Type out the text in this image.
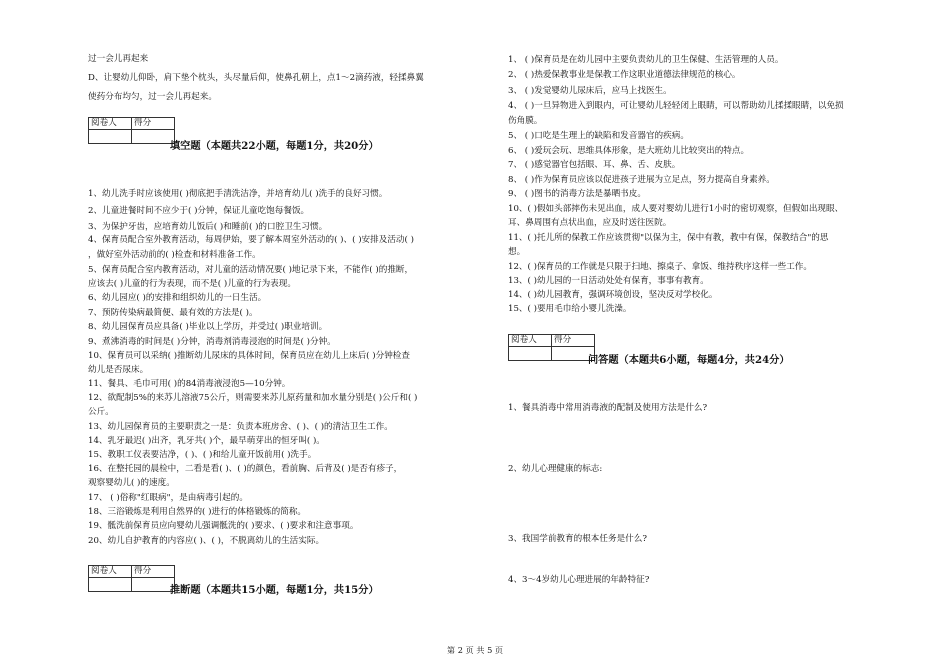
过一会儿再起来
D、让婴幼儿仰卧，肩下垫个枕头，头尽量后仰，使鼻孔朝上，点1～2滴药液，轻揉鼻翼
使药分布均匀，过一会儿再起来。
阅卷人	得分

填空题（本题共22小题，每题1分，共20分）
1、幼儿洗手时应该使用( )彻底把手清洗洁净，并培育幼儿( )洗手的良好习惯。
2、儿童进餐时间不应少于( )分钟，保证儿童吃饱每餐饭。
3、为保护牙齿，应培育幼儿饭后( )和睡前( )的口腔卫生习惯。
4、保育员配合室外教育活动，每周伊始，要了解本周室外活动的( )、( )安排及活动( )
，做好室外活动前的( )检查和材料准备工作。
5、保育员配合室内教育活动，对儿童的活动情况要( )地记录下来，不能作( )的推断，
应该去( )儿童的行为表现，而不是( )儿童的行为表现。
6、幼儿园应( )的安排和组织幼儿的一日生活。
7、预防传染病最简便、最有效的方法是( )。
8、幼儿园保育员应具备( )毕业以上学历，并受过( )职业培训。
9、煮沸消毒的时间是( )分钟，消毒剂消毒浸泡的时间是( )分钟。
10、保育员可以采纳( )推断幼儿尿床的具体时间，保育员应在幼儿上床后( )分钟检查
幼儿是否尿床。
11、餐具、毛巾可用( )的84消毒液浸泡5—10分钟。
12、欲配制5%的来苏儿溶液75公斤，则需要来苏儿原药量和加水量分别是( )公斤和( )
公斤。
13、幼儿园保育员的主要职责之一是：负责本班房舍、( )、( )的清洁卫生工作。
14、乳牙最迟( )出齐，乳牙共( )个，最早萌芽出的恒牙叫( )。
15、教职工仪表要洁净，( )、( )和给儿童开饭前用( )洗手。
16、在整托园的晨检中，二看是看( )、( )的颜色，看前胸、后背及( )是否有疹子，
观察婴幼儿( )的速度。
17、 ( )俗称"红眼病"，是由病毒引起的。
18、三浴锻炼是利用自然界的( )进行的体格锻炼的简称。
19、骶洗前保育员应向婴幼儿强调骶洗的( )要求、( )要求和注意事项。
20、幼儿自护教育的内容应( )、( )，不脱离幼儿的生活实际。
阅卷人	得分

推断题（本题共15小题，每题1分，共15分）
1、 ( )保育员是在幼儿园中主要负责幼儿的卫生保健、生活管理的人员。
2、 ( )热爱保教事业是保教工作这职业道德法律规范的核心。
3、 ( )发觉婴幼儿尿床后，应马上找医生。
4、 ( )一旦异物进入到眼内，可让婴幼儿轻轻闭上眼睛，可以帮助幼儿揉揉眼睛，以免损
伤角膜。
5、 ( )口吃是生理上的缺陷和发音器官的疾病。
6、 ( )爱玩会玩、思维具体形象，是大班幼儿比较突出的特点。
7、 ( )感觉器官包括眼、耳、鼻、舌、皮肤。
8、 ( )作为保育员应该以促进孩子进展为立足点，努力提高自身素养。
9、 ( )图书的消毒方法是暴晒书皮。
10、( )假如头部摔伤未见出血，成人要对婴幼儿进行1小时的密切观察，但假如出现眼、
耳、鼻周围有点状出血，应及时送往医院。
11、( )托儿所的保教工作应该贯彻"以保为主，保中有教，教中有保，保教结合"的思
想。
12、( )保育员的工作就是只限于扫地、擦桌子、拿饭、维持秩序这样一些工作。
13、( )幼儿园的一日活动处处有保育，事事有教育。
14、( )幼儿园教育，强调环境创设，坚决反对学校化。
15、( )要用毛巾给小婴儿洗澡。
阅卷人	得分

问答题（本题共6小题，每题4分，共24分）
1、餐具消毒中常用消毒液的配制及使用方法是什么?
2、幼儿心理健康的标志:
3、我国学前教育的根本任务是什么?
4、3～4岁幼儿心理进展的年龄特征?
第 2 页 共 5 页
